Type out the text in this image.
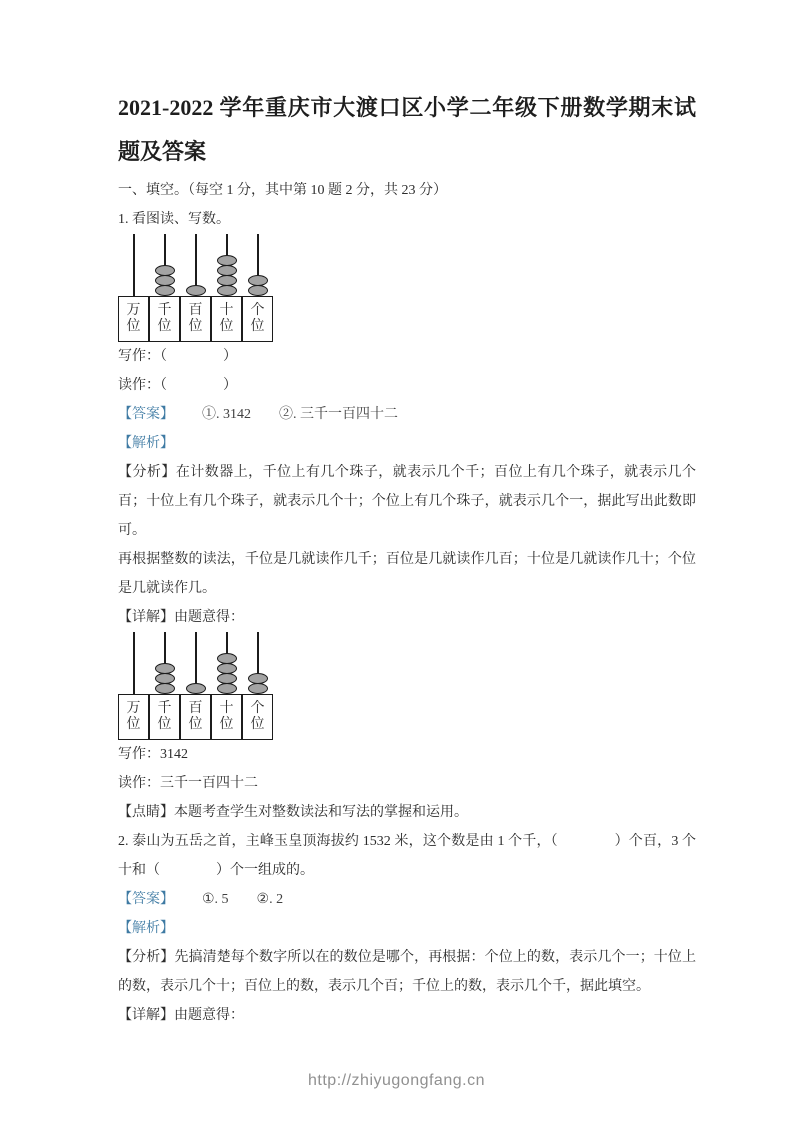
2021-2022 学年重庆市大渡口区小学二年级下册数学期末试题及答案
一、填空。（每空 1 分，其中第 10 题 2 分，共 23 分）
1. 看图读、写数。
万
位
千
位
百
位
十
位
个
位
写作：（　　　　）
读作：（　　　　）
【答案】 ①. 3142　　②. 三千一百四十二
【解析】

【分析】在计数器上，千位上有几个珠子，就表示几个千；百位上有几个珠子，就表示几个百；十位上有几个珠子，就表示几个十；个位上有几个珠子，就表示几个一，据此写出此数即可。

再根据整数的读法，千位是几就读作几千；百位是几就读作几百；十位是几就读作几十；个位是几就读作几。

【详解】由题意得：
万
位
千
位
百
位
十
位
个
位
写作：3142
读作：三千一百四十二
【点睛】本题考查学生对整数读法和写法的掌握和运用。

2. 泰山为五岳之首，主峰玉皇顶海拔约 1532 米，这个数是由 1 个千，（　　　　）个百，3 个十和（　　　　）个一组成的。

【答案】 ①. 5　　②. 2
【解析】

【分析】先搞清楚每个数字所以在的数位是哪个，再根据：个位上的数，表示几个一；十位上的数，表示几个十；百位上的数，表示几个百；千位上的数，表示几个千，据此填空。

【详解】由题意得：
http://zhiyugongfang.cn
